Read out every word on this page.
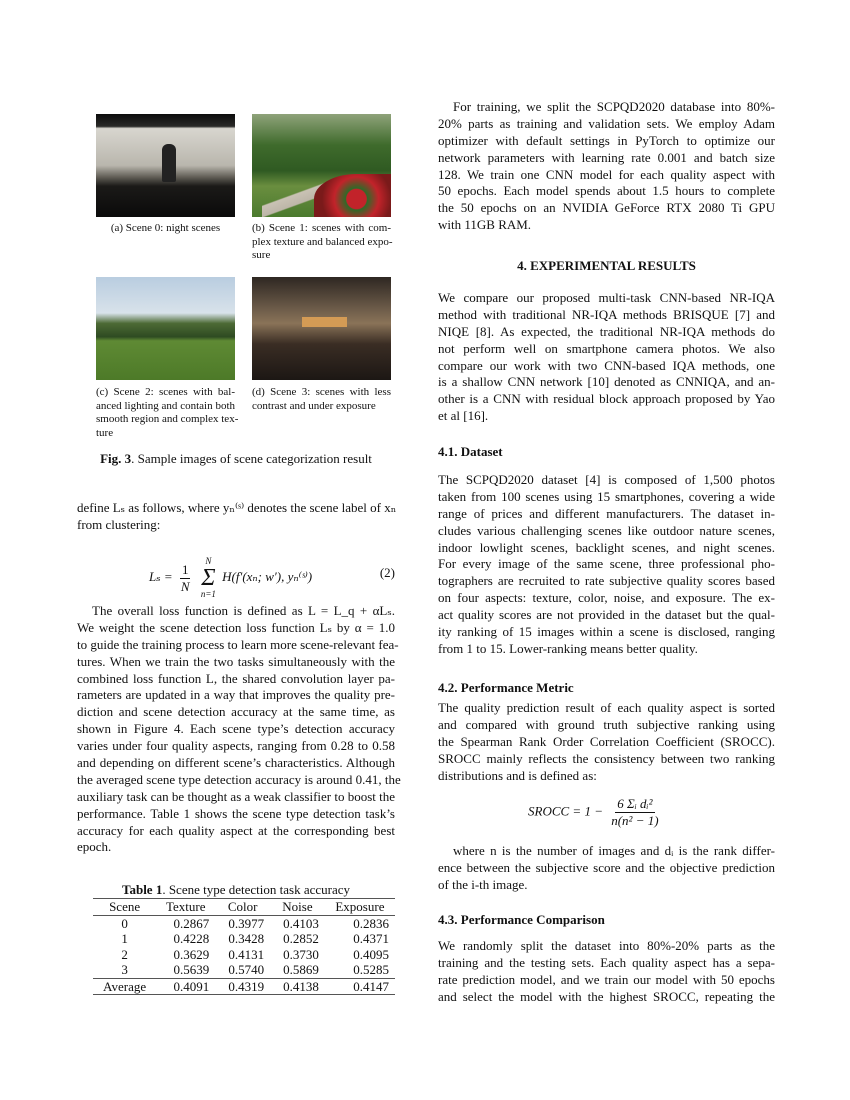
(a) Scene 0: night scenes	(b) Scene 1: scenes with com-
plex texture and balanced expo-
sure
(c) Scene 2: scenes with bal-
anced lighting and contain both
smooth region and complex tex-
ture
(d) Scene 3: scenes with less
contrast and under exposure
Fig. 3. Sample images of scene categorization result
define Lₛ as follows, where yₙ⁽ˢ⁾ denotes the scene label of xₙ
from clustering:
$L_s = \frac{1}{N}$

N
Σ
n=1
H(f′(xₙ; w′), yₙ⁽ˢ⁾)	(2)
The overall loss function is defined as L = L_q + αLₛ.
We weight the scene detection loss function Lₛ by α = 1.0
to guide the training process to learn more scene-relevant fea-
tures. When we train the two tasks simultaneously with the
combined loss function L, the shared convolution layer pa-
rameters are updated in a way that improves the quality pre-
diction and scene detection accuracy at the same time, as
shown in Figure 4. Each scene type’s detection accuracy
varies under four quality aspects, ranging from 0.28 to 0.58
and depending on different scene’s characteristics. Although
the averaged scene type detection accuracy is around 0.41, the
auxiliary task can be thought as a weak classifier to boost the
performance. Table 1 shows the scene type detection task’s
accuracy for each quality aspect at the corresponding best
epoch.
Table 1. Scene type detection task accuracy
Scene	Texture	Color	Noise	Exposure
0	0.2867	0.3977	0.4103	0.2836
1	0.4228	0.3428	0.2852	0.4371
2	0.3629	0.4131	0.3730	0.4095
3	0.5639	0.5740	0.5869	0.5285
Average	0.4091	0.4319	0.4138	0.4147
For training, we split the SCPQD2020 database into 80%-
20% parts as training and validation sets. We employ Adam
optimizer with default settings in PyTorch to optimize our
network parameters with learning rate 0.001 and batch size
128. We train one CNN model for each quality aspect with
50 epochs. Each model spends about 1.5 hours to complete
the 50 epochs on an NVIDIA GeForce RTX 2080 Ti GPU
with 11GB RAM.
4. EXPERIMENTAL RESULTS
We compare our proposed multi-task CNN-based NR-IQA
method with traditional NR-IQA methods BRISQUE [7] and
NIQE [8]. As expected, the traditional NR-IQA methods do
not perform well on smartphone camera photos. We also
compare our work with two CNN-based IQA methods, one
is a shallow CNN network [10] denoted as CNNIQA, and an-
other is a CNN with residual block approach proposed by Yao
et al [16].
4.1. Dataset
The SCPQD2020 dataset [4] is composed of 1,500 photos
taken from 100 scenes using 15 smartphones, covering a wide
range of prices and different manufacturers. The dataset in-
cludes various challenging scenes like outdoor nature scenes,
indoor lowlight scenes, backlight scenes, and night scenes.
For every image of the same scene, three professional pho-
tographers are recruited to rate subjective quality scores based
on four aspects: texture, color, noise, and exposure. The ex-
act quality scores are not provided in the dataset but the qual-
ity ranking of 15 images within a scene is disclosed, ranging
from 1 to 15. Lower-ranking means better quality.
4.2. Performance Metric
The quality prediction result of each quality aspect is sorted
and compared with ground truth subjective ranking using
the Spearman Rank Order Correlation Coefficient (SROCC).
SROCC mainly reflects the consistency between two ranking
distributions and is defined as:
SROCC = $1 - \frac{\text{6 Σᵢ dᵢ²}}{\text{n(n² − 1)}}$
where n is the number of images and dᵢ is the rank differ-
ence between the subjective score and the objective prediction
of the i-th image.
4.3. Performance Comparison
We randomly split the dataset into 80%-20% parts as the
training and the testing sets. Each quality aspect has a sepa-
rate prediction model, and we train our model with 50 epochs
and select the model with the highest SROCC, repeating the
